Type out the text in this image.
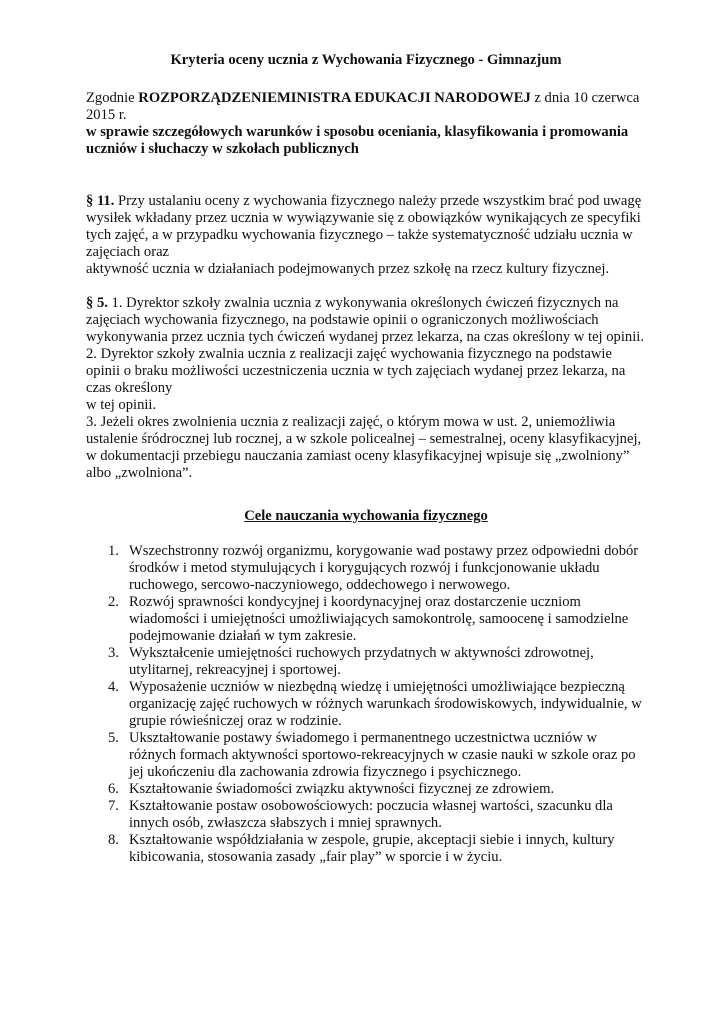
Kryteria oceny ucznia z Wychowania Fizycznego - Gimnazjum

Zgodnie ROZPORZĄDZENIEMINISTRA EDUKACJI NARODOWEJ z dnia 10 czerwca 2015 r.

w sprawie szczegółowych warunków i sposobu oceniania, klasyfikowania i promowania uczniów i słuchaczy w szkołach publicznych

§ 11. Przy ustalaniu oceny z wychowania fizycznego należy przede wszystkim brać pod uwagę wysiłek wkładany przez ucznia w wywiązywanie się z obowiązków wynikających ze specyfiki tych zajęć, a w przypadku wychowania fizycznego – także systematyczność udziału ucznia w zajęciach oraz

aktywność ucznia w działaniach podejmowanych przez szkołę na rzecz kultury fizycznej.

§ 5. 1. Dyrektor szkoły zwalnia ucznia z wykonywania określonych ćwiczeń fizycznych na zajęciach wychowania fizycznego, na podstawie opinii o ograniczonych możliwościach wykonywania przez ucznia tych ćwiczeń wydanej przez lekarza, na czas określony w tej opinii.

2. Dyrektor szkoły zwalnia ucznia z realizacji zajęć wychowania fizycznego na podstawie opinii o braku możliwości uczestniczenia ucznia w tych zajęciach wydanej przez lekarza, na czas określony

w tej opinii.

3. Jeżeli okres zwolnienia ucznia z realizacji zajęć, o którym mowa w ust. 2, uniemożliwia ustalenie śródrocznej lub rocznej, a w szkole policealnej – semestralnej, oceny klasyfikacyjnej, w dokumentacji przebiegu nauczania zamiast oceny klasyfikacyjnej wpisuje się „zwolniony” albo „zwolniona”.

Cele nauczania wychowania fizycznego
1. Wszechstronny rozwój organizmu, korygowanie wad postawy przez odpowiedni dobór środków i metod stymulujących i korygujących rozwój i funkcjonowanie układu ruchowego, sercowo-naczyniowego, oddechowego i nerwowego.
2. Rozwój sprawności kondycyjnej i koordynacyjnej oraz dostarczenie uczniom wiadomości i umiejętności umożliwiających samokontrolę, samoocenę i samodzielne podejmowanie działań w tym zakresie.
3. Wykształcenie umiejętności ruchowych przydatnych w aktywności zdrowotnej, utylitarnej, rekreacyjnej i sportowej.
4. Wyposażenie uczniów w niezbędną wiedzę i umiejętności umożliwiające bezpieczną organizację zajęć ruchowych w różnych warunkach środowiskowych, indywidualnie, w grupie rówieśniczej oraz w rodzinie.
5. Ukształtowanie postawy świadomego i permanentnego uczestnictwa uczniów w różnych formach aktywności sportowo-rekreacyjnych w czasie nauki w szkole oraz po jej ukończeniu dla zachowania zdrowia fizycznego i psychicznego.
6. Kształtowanie świadomości związku aktywności fizycznej ze zdrowiem.
7. Kształtowanie postaw osobowościowych: poczucia własnej wartości, szacunku dla innych osób, zwłaszcza słabszych i mniej sprawnych.
8. Kształtowanie współdziałania w zespole, grupie, akceptacji siebie i innych, kultury kibicowania, stosowania zasady „fair play” w sporcie i w życiu.
